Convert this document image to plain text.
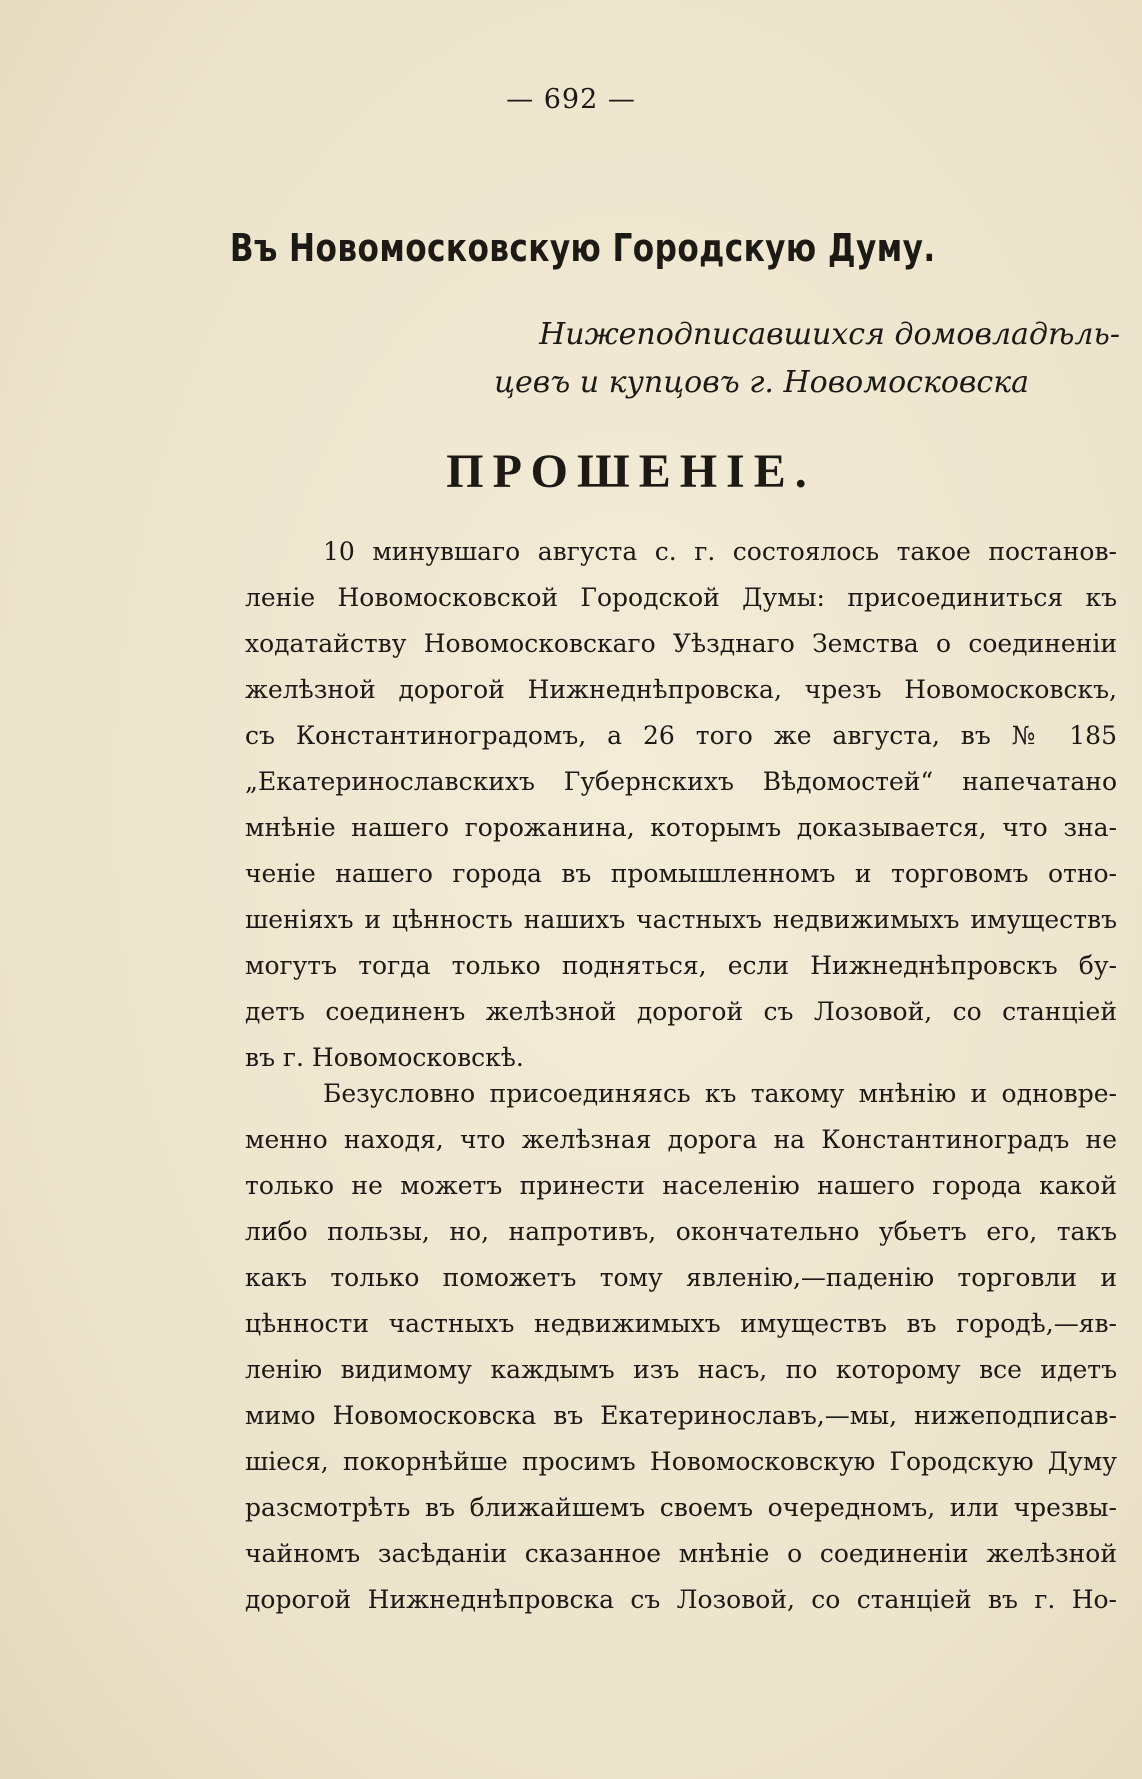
— 692 —
Въ Новомосковскую Городскую Думу.
Нижеподписавшихся домовладѣль-
цевъ и купцовъ г. Новомосковска
ПРОШЕНІЕ.
10 минувшаго августа с. г. состоялось такое постанов-
леніе Новомосковской Городской Думы: присоединиться къ
ходатайству Новомосковскаго Уѣзднаго Земства о соединеніи
желѣзной дорогой Нижнеднѣпровска, чрезъ Новомосковскъ,
съ Константиноградомъ, а 26 того же августа, въ № 185
„Екатеринославскихъ Губернскихъ Вѣдомостей“ напечатано
мнѣніе нашего горожанина, которымъ доказывается, что зна-
ченіе нашего города въ промышленномъ и торговомъ отно-
шеніяхъ и цѣнность нашихъ частныхъ недвижимыхъ имуществъ
могутъ тогда только подняться, если Нижнеднѣпровскъ бу-
детъ соединенъ желѣзной дорогой съ Лозовой, со станціей
въ г. Новомосковскѣ.
Безусловно присоединяясь къ такому мнѣнію и одновре-
менно находя, что желѣзная дорога на Константиноградъ не
только не можетъ принести населенію нашего города какой
либо пользы, но, напротивъ, окончательно убьетъ его, такъ
какъ только поможетъ тому явленію,—паденію торговли и
цѣнности частныхъ недвижимыхъ имуществъ въ городѣ,—яв-
ленію видимому каждымъ изъ насъ, по которому все идетъ
мимо Новомосковска въ Екатеринославъ,—мы, нижеподписав-
шіеся, покорнѣйше просимъ Новомосковскую Городскую Думу
разсмотрѣть въ ближайшемъ своемъ очередномъ, или чрезвы-
чайномъ засѣданіи сказанное мнѣніе о соединеніи желѣзной
дорогой Нижнеднѣпровска съ Лозовой, со станціей въ г. Но-
